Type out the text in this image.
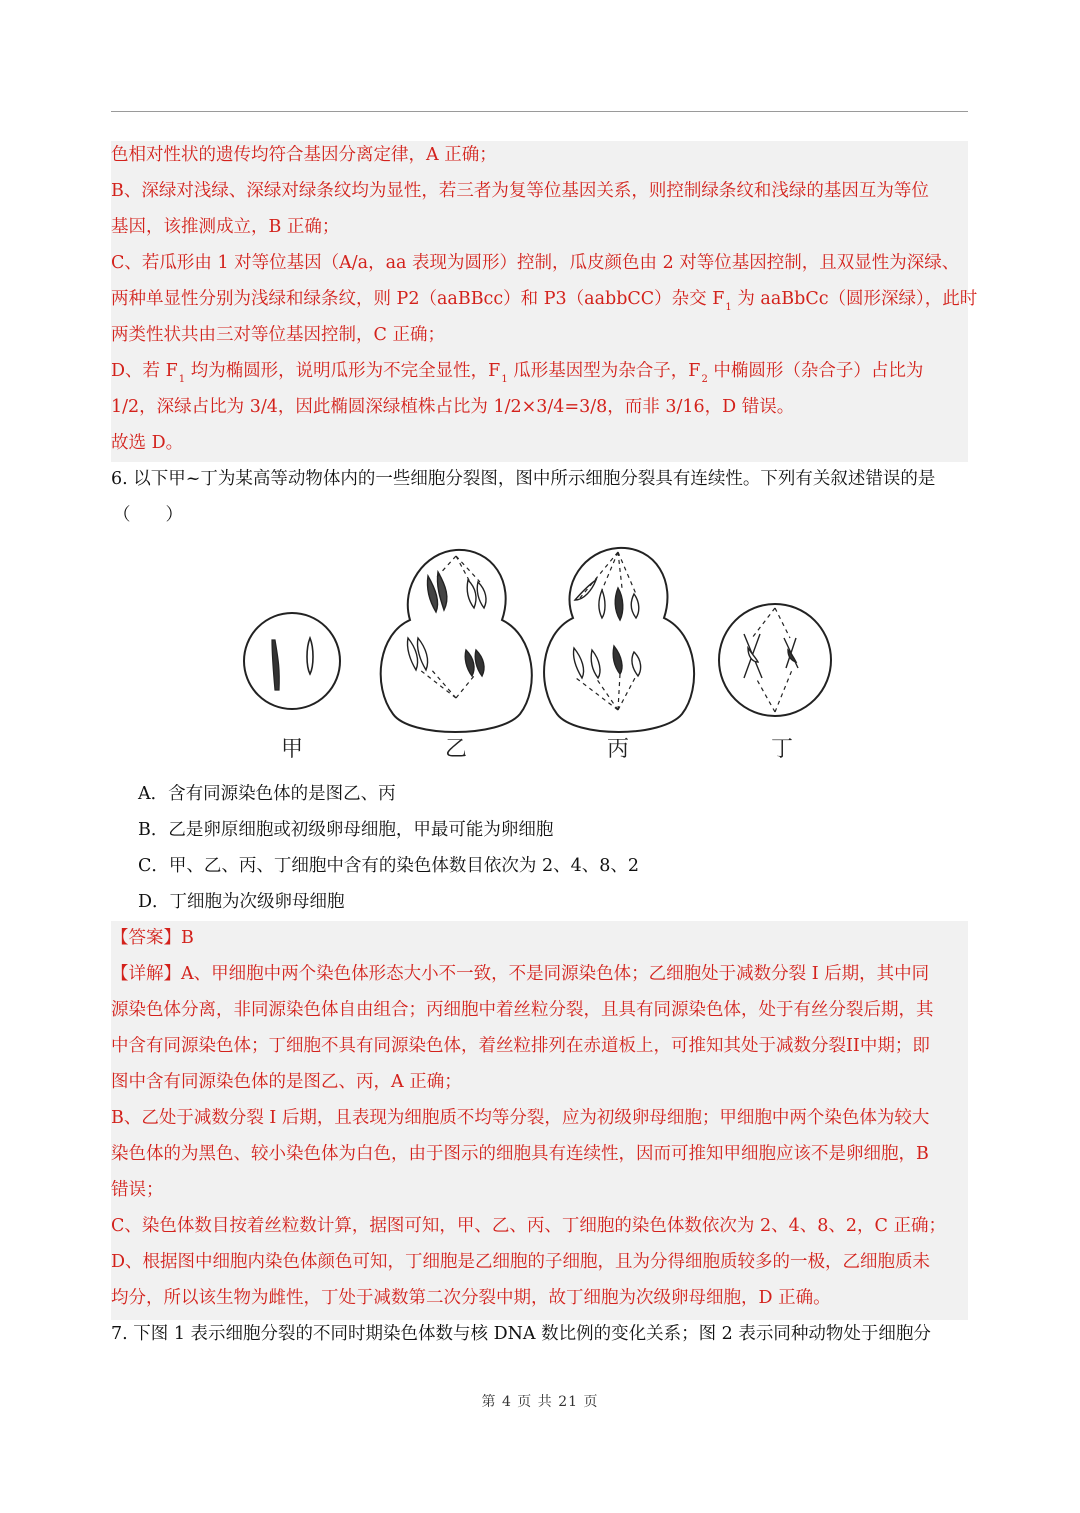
色相对性状的遗传均符合基因分离定律，A 正确；
B、深绿对浅绿、深绿对绿条纹均为显性，若三者为复等位基因关系，则控制绿条纹和浅绿的基因互为等位
基因，该推测成立，B 正确；
C、若瓜形由 1 对等位基因（A/a，aa 表现为圆形）控制，瓜皮颜色由 2 对等位基因控制，且双显性为深绿、
两种单显性分别为浅绿和绿条纹，则 P2（aaBBcc）和 P3（aabbCC）杂交 $F_1$ 为 aaBbCc（圆形深绿），此时
两类性状共由三对等位基因控制，C 正确；
D、若 $F_1$ 均为椭圆形，说明瓜形为不完全显性，$F_1$ 瓜形基因型为杂合子，$F_2$ 中椭圆形（杂合子）占比为
1/2，深绿占比为 3/4，因此椭圆深绿植株占比为 1/2×3/4=3/8，而非 3/16，D 错误。
故选 D。
6. 以下甲~丁为某高等动物体内的一些细胞分裂图，图中所示细胞分裂具有连续性。下列有关叙述错误的是
（　　）
甲	乙	丙	丁
A．含有同源染色体的是图乙、丙
B．乙是卵原细胞或初级卵母细胞，甲最可能为卵细胞
C．甲、乙、丙、丁细胞中含有的染色体数目依次为 2、4、8、2
D．丁细胞为次级卵母细胞
【答案】B
【详解】A、甲细胞中两个染色体形态大小不一致，不是同源染色体；乙细胞处于减数分裂 I 后期，其中同
源染色体分离，非同源染色体自由组合；丙细胞中着丝粒分裂，且具有同源染色体，处于有丝分裂后期，其
中含有同源染色体；丁细胞不具有同源染色体，着丝粒排列在赤道板上，可推知其处于减数分裂II中期；即
图中含有同源染色体的是图乙、丙，A 正确；
B、乙处于减数分裂 I 后期，且表现为细胞质不均等分裂，应为初级卵母细胞；甲细胞中两个染色体为较大
染色体的为黑色、较小染色体为白色，由于图示的细胞具有连续性，因而可推知甲细胞应该不是卵细胞，B
错误；
C、染色体数目按着丝粒数计算，据图可知，甲、乙、丙、丁细胞的染色体数依次为 2、4、8、2，C 正确；
D、根据图中细胞内染色体颜色可知，丁细胞是乙细胞的子细胞，且为分得细胞质较多的一极，乙细胞质未
均分，所以该生物为雌性，丁处于减数第二次分裂中期，故丁细胞为次级卵母细胞，D 正确。
7. 下图 1 表示细胞分裂的不同时期染色体数与核 DNA 数比例的变化关系；图 2 表示同种动物处于细胞分
第 4 页 共 21 页
